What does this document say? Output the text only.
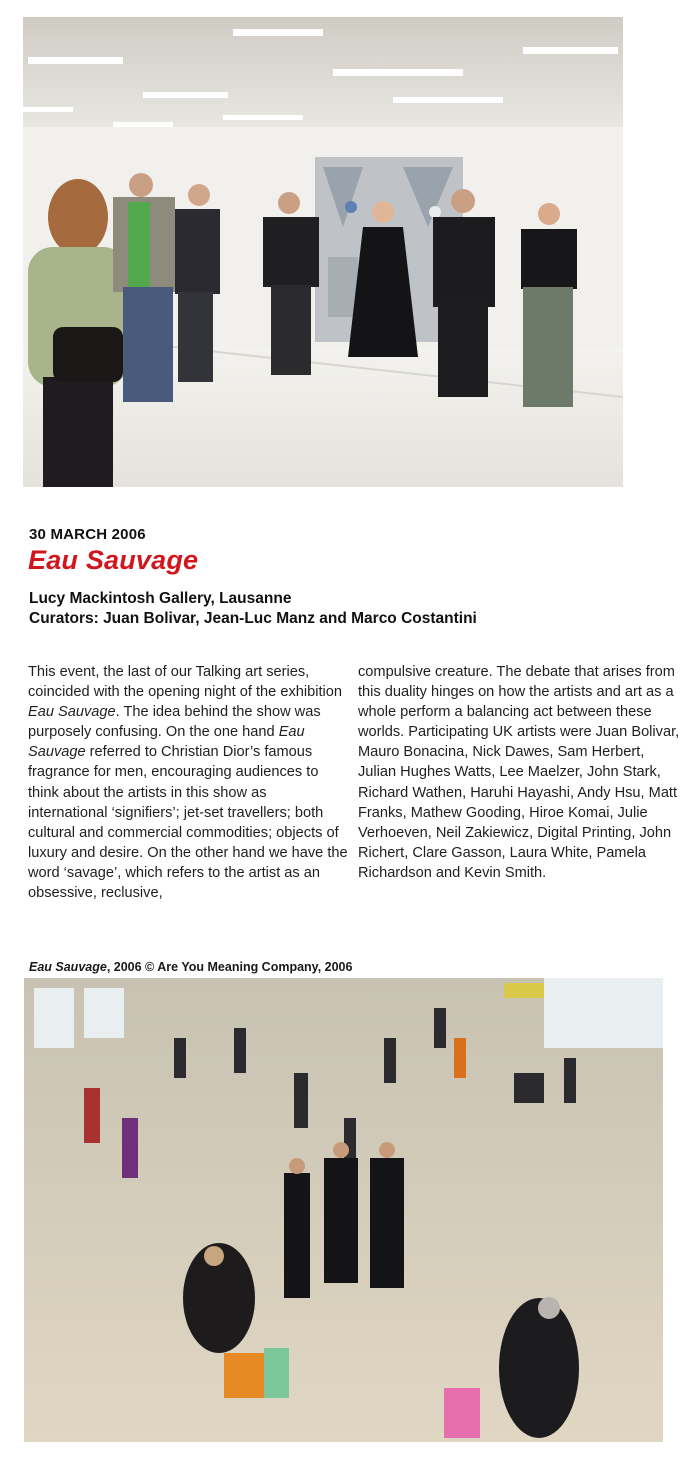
30 MARCH 2006
Eau Sauvage
Lucy Mackintosh Gallery, Lausanne
Curators: Juan Bolivar, Jean-Luc Manz and Marco Costantini

This event, the last of our Talking art series, coincided with the opening night of the exhibition Eau Sauvage. The idea behind the show was purposely confusing. On the one hand Eau Sauvage referred to Christian Dior’s famous fragrance for men, encouraging audiences to think about the artists in this show as international ‘signifiers’; jet-set travellers; both cultural and commercial commodities; objects of luxury and desire. On the other hand we have the word ‘savage’, which refers to the artist as an obsessive, reclusive,

compulsive creature. The debate that arises from this duality hinges on how the artists and art as a whole perform a balancing act between these worlds. Participating UK artists were Juan Bolivar, Mauro Bonacina, Nick Dawes, Sam Herbert, Julian Hughes Watts, Lee Maelzer, John Stark, Richard Wathen, Haruhi Hayashi, Andy Hsu, Matt Franks, Mathew Gooding, Hiroe Komai, Julie Verhoeven, Neil Zakiewicz, Digital Printing, John Richert, Clare Gasson, Laura White, Pamela Richardson and Kevin Smith.

Eau Sauvage, 2006 © Are You Meaning Company, 2006
